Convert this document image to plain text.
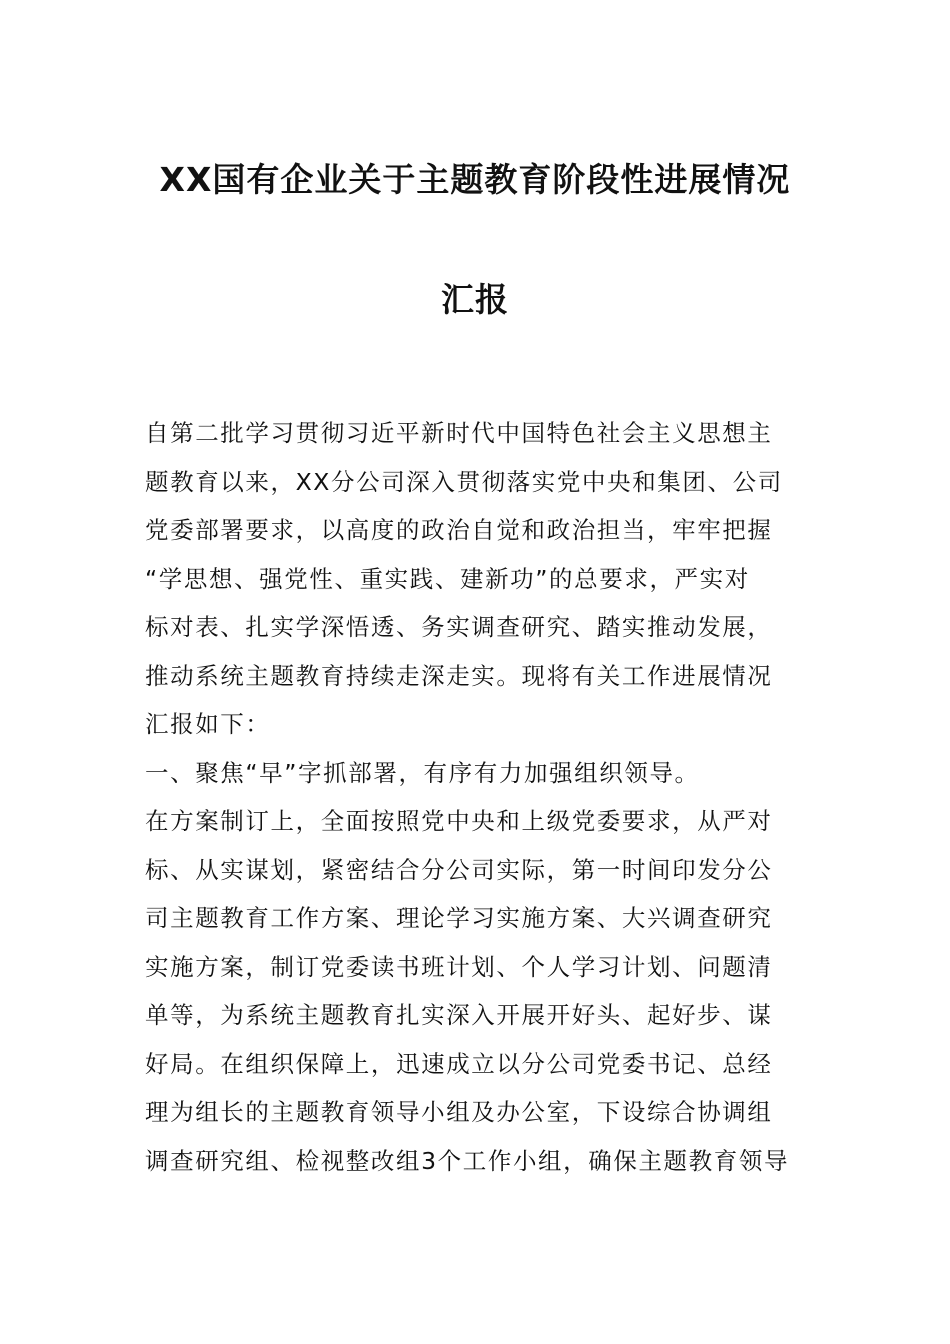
XX国有企业关于主题教育阶段性进展情况
汇报
自第二批学习贯彻习近平新时代中国特色社会主义思想主
题教育以来，XX分公司深入贯彻落实党中央和集团、公司
党委部署要求，以高度的政治自觉和政治担当，牢牢把握
“学思想、强党性、重实践、建新功”的总要求，严实对
标对表、扎实学深悟透、务实调查研究、踏实推动发展，
推动系统主题教育持续走深走实。现将有关工作进展情况
汇报如下：
一、聚焦“早”字抓部署，有序有力加强组织领导。
在方案制订上，全面按照党中央和上级党委要求，从严对
标、从实谋划，紧密结合分公司实际，第一时间印发分公
司主题教育工作方案、理论学习实施方案、大兴调查研究
实施方案，制订党委读书班计划、个人学习计划、问题清
单等，为系统主题教育扎实深入开展开好头、起好步、谋
好局。在组织保障上，迅速成立以分公司党委书记、总经
理为组长的主题教育领导小组及办公室，下设综合协调组
调查研究组、检视整改组3个工作小组，确保主题教育领导
